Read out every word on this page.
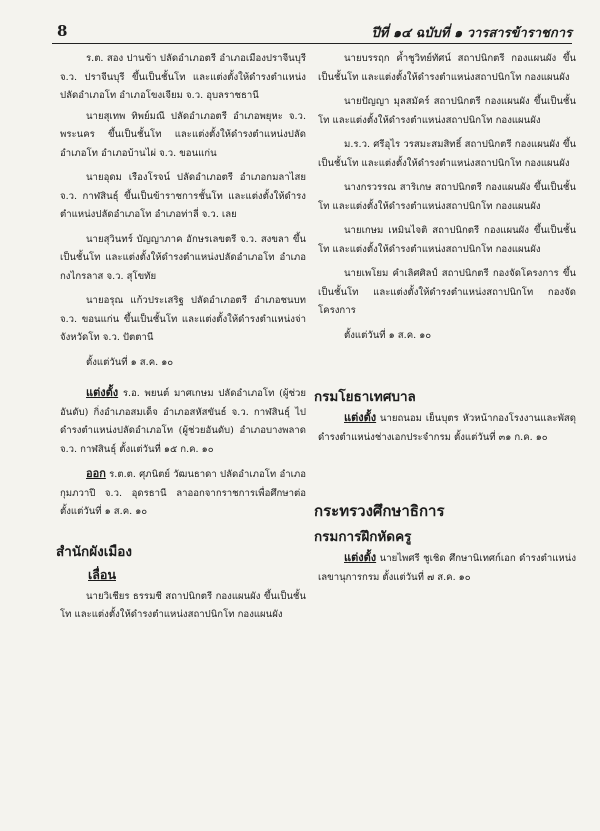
8	ปีที่ ๑๔ ฉบับที่ ๑ วารสารข้าราชการ

ร.ต. สอง ปานข้า ปลัดอำเภอตรี อำเภอเมืองปราจีนบุรี จ.ว. ปราจีนบุรี ขึ้นเป็นชั้นโท และแต่งตั้งให้ดำรงตำแหน่งปลัดอำเภอโท อำเภอโขงเจียม จ.ว. อุบลราชธานี

นายสุเทพ ทิพย์มณี ปลัดอำเภอตรี อำเภอพยุหะ จ.ว. พระนคร ขึ้นเป็นชั้นโท และแต่งตั้งให้ดำรงตำแหน่งปลัดอำเภอโท อำเภอบ้านไผ่ จ.ว. ขอนแก่น

นายอุดม เรืองโรจน์ ปลัดอำเภอตรี อำเภอกมลาไสย จ.ว. กาฬสินธุ์ ขึ้นเป็นข้าราชการชั้นโท และแต่งตั้งให้ดำรงตำแหน่งปลัดอำเภอโท อำเภอท่าลี่ จ.ว. เลย

นายสุวินทร์ บัญญาภาค อักษรเลขตรี จ.ว. สงขลา ขึ้นเป็นชั้นโท และแต่งตั้งให้ดำรงตำแหน่งปลัดอำเภอโท อำเภอกงไกรลาส จ.ว. สุโขทัย

นายอรุณ แก้วประเสริฐ ปลัดอำเภอตรี อำเภอชนบท จ.ว. ขอนแก่น ขึ้นเป็นชั้นโท และแต่งตั้งให้ดำรงตำแหน่งจ่าจังหวัดโท จ.ว. ปัตตานี

ตั้งแต่วันที่ ๑ ส.ค. ๑๐

แต่งตั้ง ร.อ. พยนต์ มาศเกษม ปลัดอำเภอโท (ผู้ช่วยอันดับ) กิ่งอำเภอสมเด็จ อำเภอสหัสขันธ์ จ.ว. กาฬสินธุ์ ไปดำรงตำแหน่งปลัดอำเภอโท (ผู้ช่วยอันดับ) อำเภอบางพลาด จ.ว. กาฬสินธุ์ ตั้งแต่วันที่ ๑๕ ก.ค. ๑๐

ออก ร.ต.ต. ศุภนิตย์ วัฒนธาดา ปลัดอำเภอโท อำเภอกุมภวาปี จ.ว. อุดรธานี ลาออกจากราชการเพื่อศึกษาต่อ ตั้งแต่วันที่ ๑ ส.ค. ๑๐

สำนักผังเมือง
เลื่อน

นายวิเชียร ธรรมชี สถาปนิกตรี กองแผนผัง ขึ้นเป็นชั้นโท และแต่งตั้งให้ดำรงตำแหน่งสถาปนิกโท กองแผนผัง

นายบรรฤก ค้ำชูวิทย์ทัศน์ สถาปนิกตรี กองแผนผัง ขึ้นเป็นชั้นโท และแต่งตั้งให้ดำรงตำแหน่งสถาปนิกโท กองแผนผัง

นายปัญญา มุลสมัคร์ สถาปนิกตรี กองแผนผัง ขึ้นเป็นชั้นโท และแต่งตั้งให้ดำรงตำแหน่งสถาปนิกโท กองแผนผัง

ม.ร.ว. ศรีอุไร วรสมะสมสิทธิ์ สถาปนิกตรี กองแผนผัง ขึ้นเป็นชั้นโท และแต่งตั้งให้ดำรงตำแหน่งสถาปนิกโท กองแผนผัง

นางกรวรรณ สาริเกษ สถาปนิกตรี กองแผนผัง ขึ้นเป็นชั้นโท และแต่งตั้งให้ดำรงตำแหน่งสถาปนิกโท กองแผนผัง

นายเกษม เหมินไจติ สถาปนิกตรี กองแผนผัง ขึ้นเป็นชั้นโท และแต่งตั้งให้ดำรงตำแหน่งสถาปนิกโท กองแผนผัง

นายเพโยม คำเลิศศิลป์ สถาปนิกตรี กองจัดโครงการ ขึ้นเป็นชั้นโท และแต่งตั้งให้ดำรงตำแหน่งสถาปนิกโท กองจัดโครงการ

ตั้งแต่วันที่ ๑ ส.ค. ๑๐

กรมโยธาเทศบาล

แต่งตั้ง นายถนอม เย็นบุตร หัวหน้ากองโรงงานและพัสดุ ดำรงตำแหน่งช่างเอกประจำกรม ตั้งแต่วันที่ ๓๑ ก.ค. ๑๐

กระทรวงศึกษาธิการ
กรมการฝึกหัดครู

แต่งตั้ง นายไพศรี ชูเชิด ศึกษานิเทศก์เอก ดำรงตำแหน่งเลขานุการกรม ตั้งแต่วันที่ ๗ ส.ค. ๑๐
